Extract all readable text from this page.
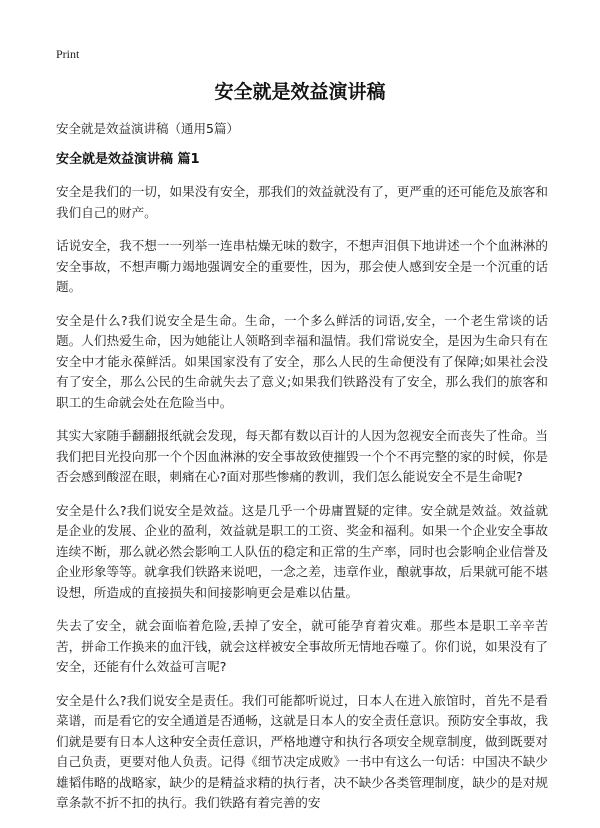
Print
安全就是效益演讲稿
安全就是效益演讲稿（通用5篇）
安全就是效益演讲稿 篇1

安全是我们的一切，如果没有安全，那我们的效益就没有了，更严重的还可能危及旅客和我们自己的财产。

话说安全，我不想一一列举一连串枯燥无味的数字，不想声泪俱下地讲述一个个血淋淋的安全事故，不想声嘶力竭地强调安全的重要性，因为，那会使人感到安全是一个沉重的话题。

安全是什么?我们说安全是生命。生命，一个多么鲜活的词语,安全，一个老生常谈的话题。人们热爱生命，因为她能让人领略到幸福和温情。我们常说安全，是因为生命只有在安全中才能永葆鲜活。如果国家没有了安全，那么人民的生命便没有了保障;如果社会没有了安全，那么公民的生命就失去了意义;如果我们铁路没有了安全，那么我们的旅客和职工的生命就会处在危险当中。

其实大家随手翻翻报纸就会发现，每天都有数以百计的人因为忽视安全而丧失了性命。当我们把目光投向那一个个因血淋淋的安全事故致使摧毁一个个不再完整的家的时候，你是否会感到酸涩在眼，刺痛在心?面对那些惨痛的教训，我们怎么能说安全不是生命呢?

安全是什么?我们说安全是效益。这是几乎一个毋庸置疑的定律。安全就是效益。效益就是企业的发展、企业的盈利，效益就是职工的工资、奖金和福利。如果一个企业安全事故连续不断，那么就必然会影响工人队伍的稳定和正常的生产率，同时也会影响企业信誉及企业形象等等。就拿我们铁路来说吧，一念之差，违章作业，酿就事故，后果就可能不堪设想，所造成的直接损失和间接影响更会是难以估量。

失去了安全，就会面临着危险,丢掉了安全，就可能孕育着灾难。那些本是职工辛辛苦苦，拼命工作换来的血汗钱，就会这样被安全事故所无情地吞噬了。你们说，如果没有了安全，还能有什么效益可言呢?

安全是什么?我们说安全是责任。我们可能都听说过，日本人在进入旅馆时，首先不是看菜谱，而是看它的安全通道是否通畅，这就是日本人的安全责任意识。预防安全事故，我们就是要有日本人这种安全责任意识，严格地遵守和执行各项安全规章制度，做到既要对自己负责，更要对他人负责。记得《细节决定成败》一书中有这么一句话：中国决不缺少雄韬伟略的战略家，缺少的是精益求精的执行者，决不缺少各类管理制度，缺少的是对规章条款不折不扣的执行。我们铁路有着完善的安
